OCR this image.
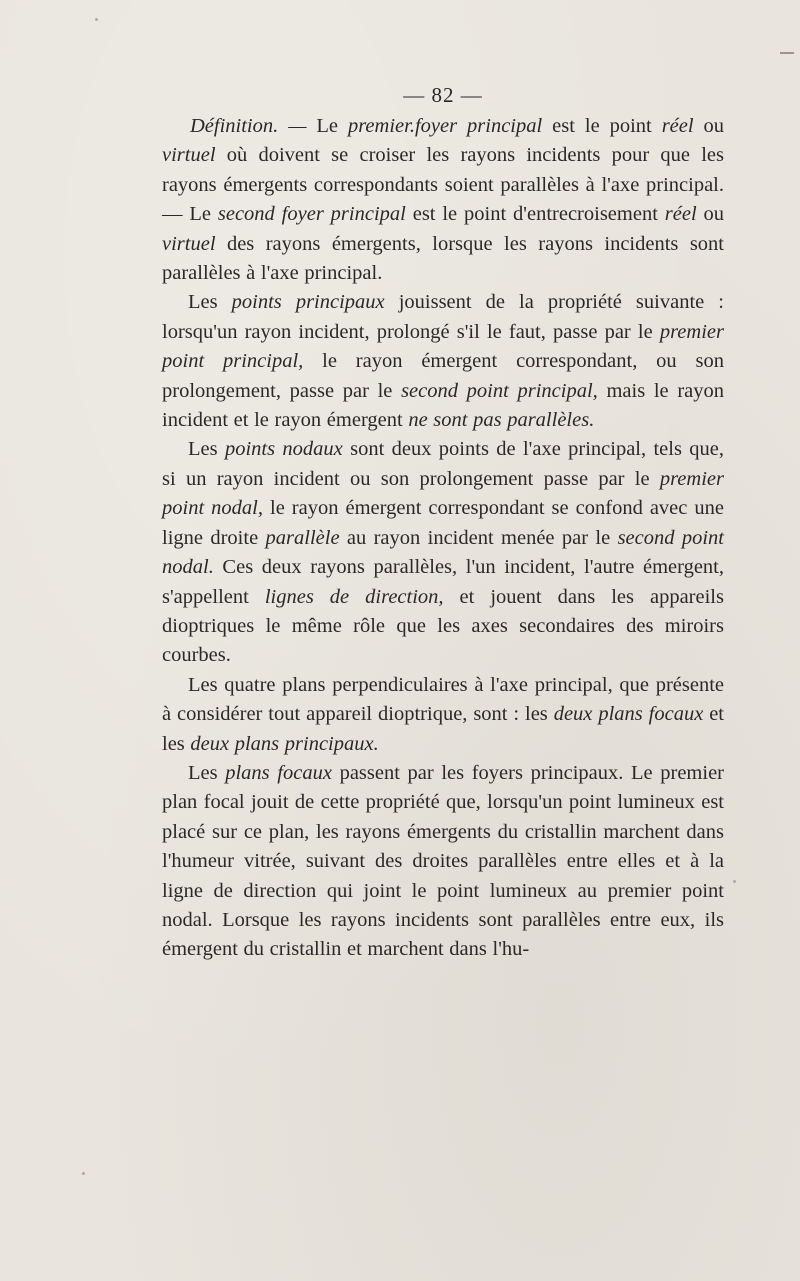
— 82 —

Définition. — Le premier.foyer principal est le point réel ou virtuel où doivent se croiser les rayons incidents pour que les rayons émergents correspondants soient parallèles à l'axe principal. — Le second foyer principal est le point d'entrecroisement réel ou virtuel des rayons émergents, lorsque les rayons incidents sont parallèles à l'axe principal.

Les points principaux jouissent de la propriété suivante : lorsqu'un rayon incident, prolongé s'il le faut, passe par le premier point principal, le rayon émergent correspondant, ou son prolongement, passe par le second point principal, mais le rayon incident et le rayon émergent ne sont pas parallèles.

Les points nodaux sont deux points de l'axe principal, tels que, si un rayon incident ou son prolongement passe par le premier point nodal, le rayon émergent correspondant se confond avec une ligne droite parallèle au rayon incident menée par le second point nodal. Ces deux rayons parallèles, l'un incident, l'autre émergent, s'appellent lignes de direction, et jouent dans les appareils dioptriques le même rôle que les axes secondaires des miroirs courbes.

Les quatre plans perpendiculaires à l'axe principal, que présente à considérer tout appareil dioptrique, sont : les deux plans focaux et les deux plans principaux.

Les plans focaux passent par les foyers principaux. Le premier plan focal jouit de cette propriété que, lorsqu'un point lumineux est placé sur ce plan, les rayons émergents du cristallin marchent dans l'humeur vitrée, suivant des droites parallèles entre elles et à la ligne de direction qui joint le point lumineux au premier point nodal. Lorsque les rayons incidents sont parallèles entre eux, ils émergent du cristallin et marchent dans l'hu-
